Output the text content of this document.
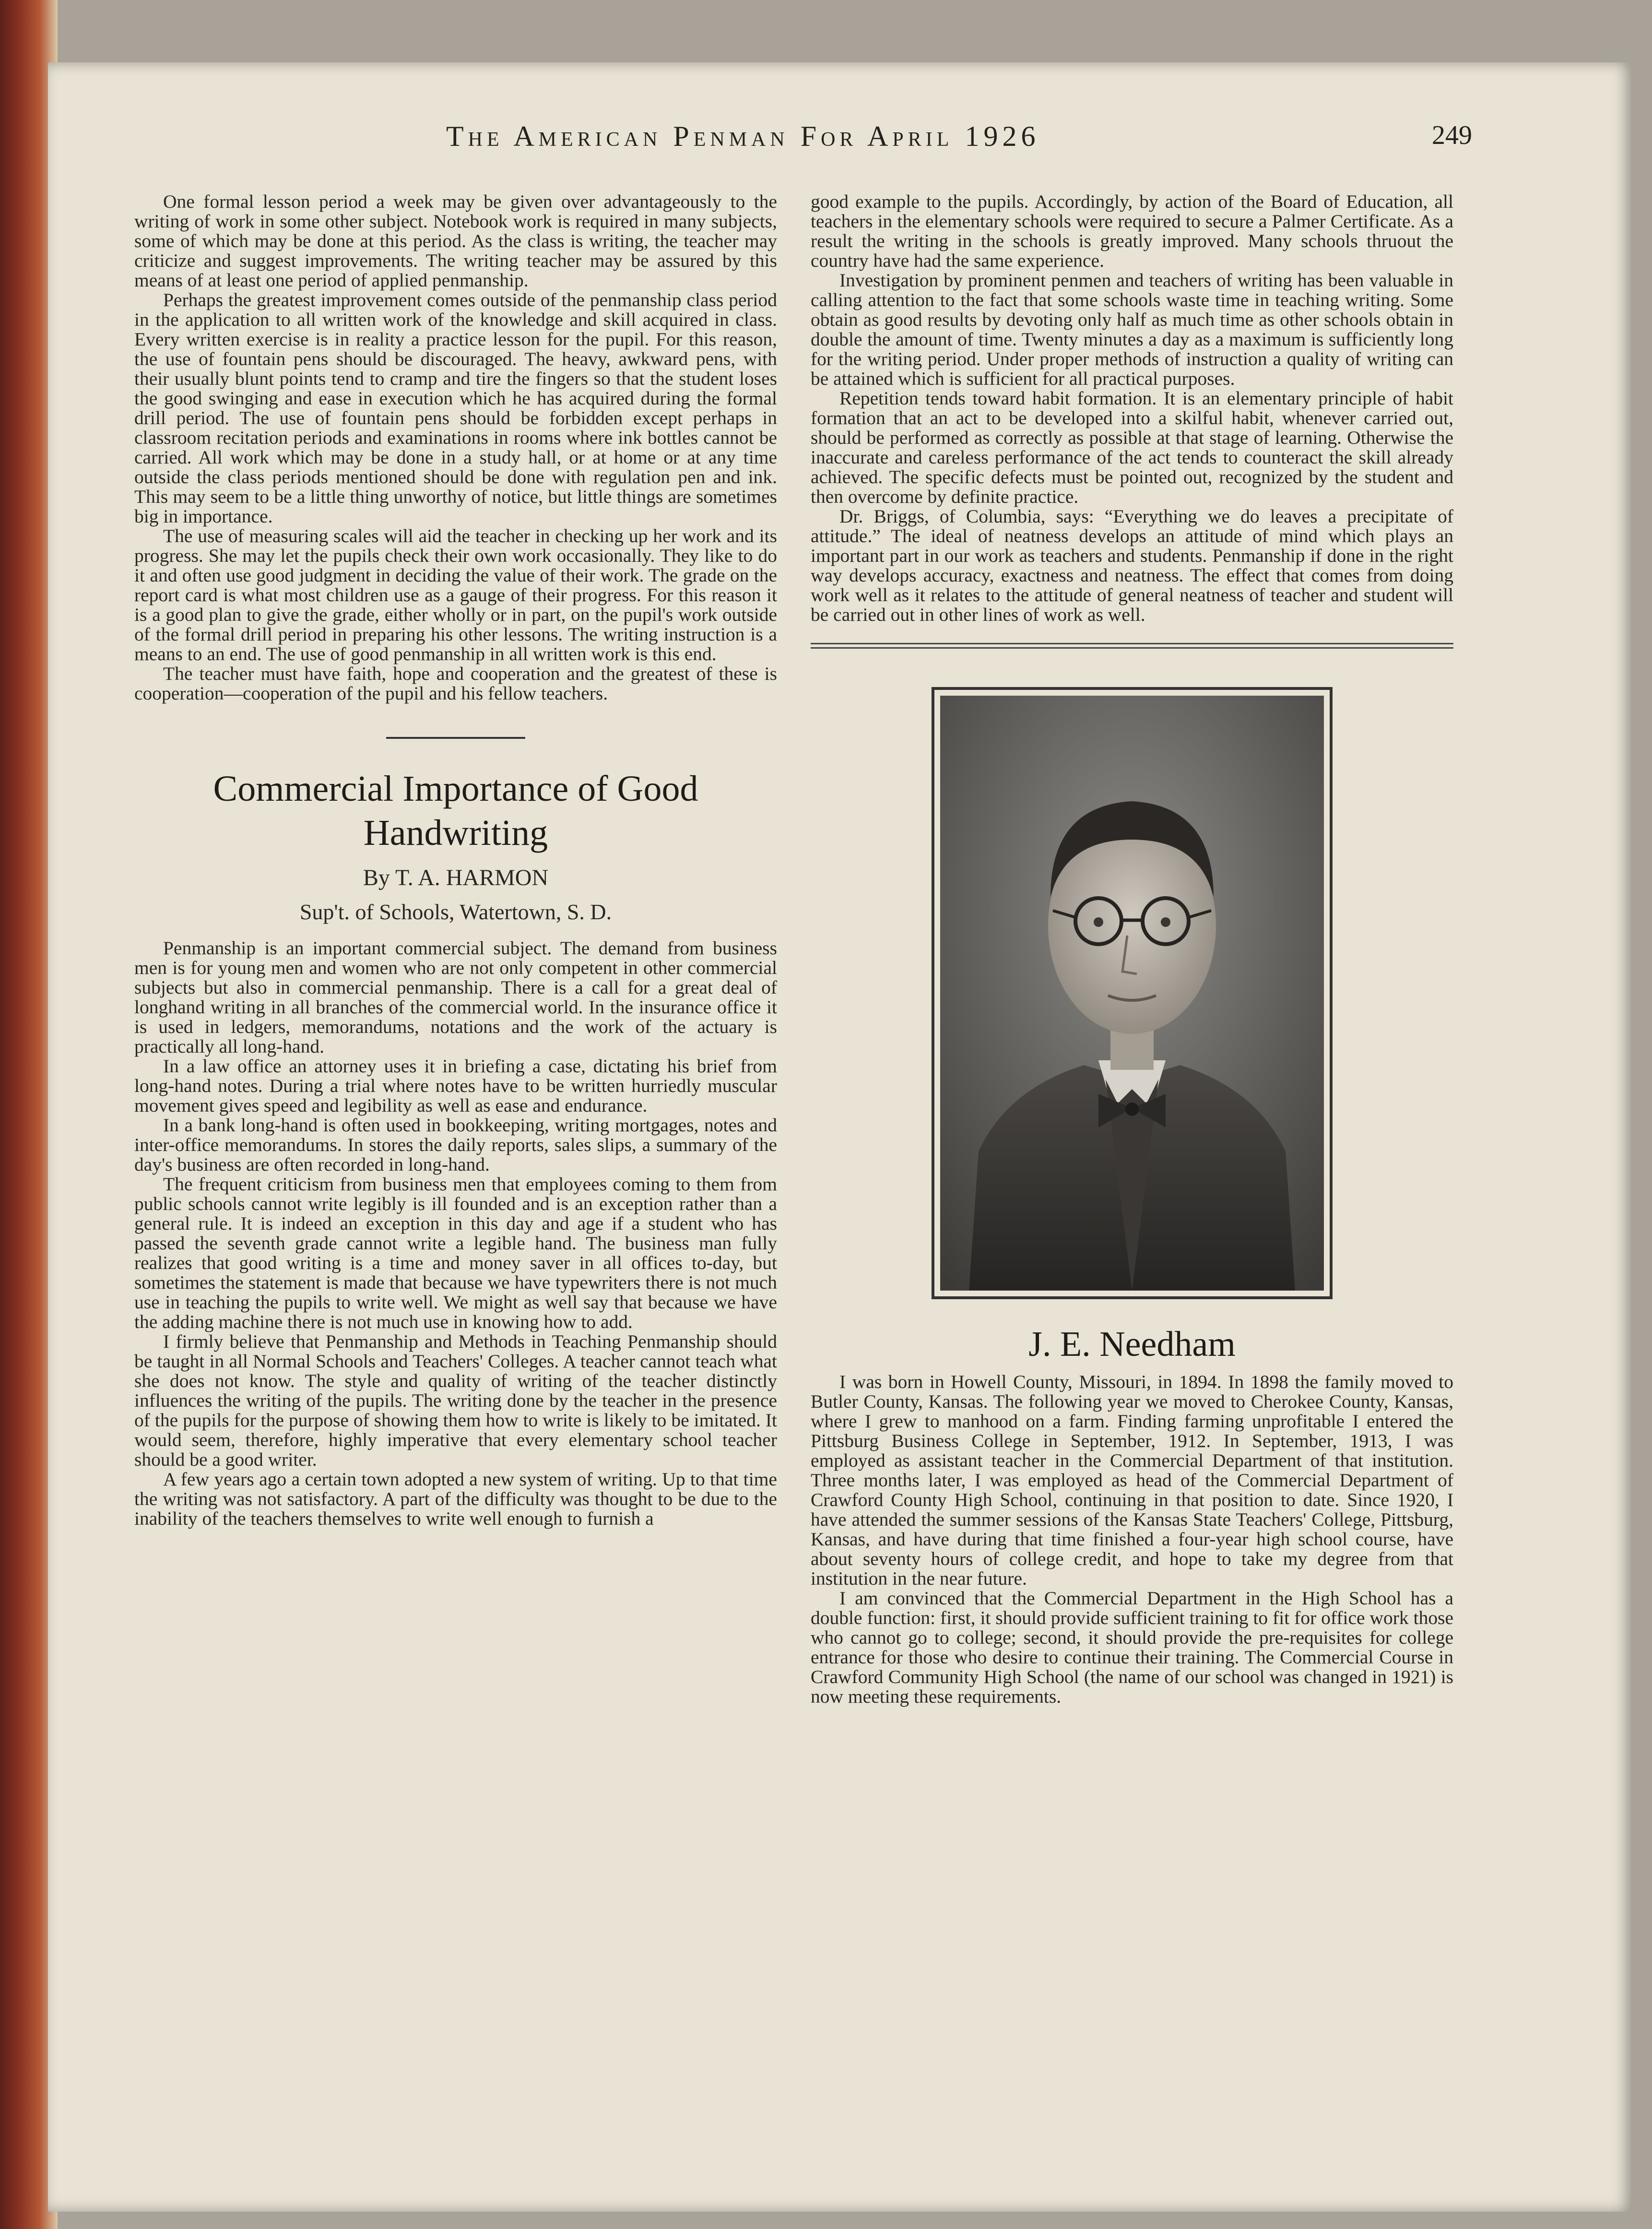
The American Penman For April 1926	249

One formal lesson period a week may be given over advantageously to the writing of work in some other subject. Notebook work is required in many subjects, some of which may be done at this period. As the class is writing, the teacher may criticize and suggest improvements. The writing teacher may be assured by this means of at least one period of applied penmanship.

Perhaps the greatest improvement comes outside of the penmanship class period in the application to all written work of the knowledge and skill acquired in class. Every written exercise is in reality a practice lesson for the pupil. For this reason, the use of fountain pens should be discouraged. The heavy, awkward pens, with their usually blunt points tend to cramp and tire the fingers so that the student loses the good swinging and ease in execution which he has acquired during the formal drill period. The use of fountain pens should be forbidden except perhaps in classroom recitation periods and examinations in rooms where ink bottles cannot be carried. All work which may be done in a study hall, or at home or at any time outside the class periods mentioned should be done with regulation pen and ink. This may seem to be a little thing unworthy of notice, but little things are sometimes big in importance.

The use of measuring scales will aid the teacher in checking up her work and its progress. She may let the pupils check their own work occasionally. They like to do it and often use good judgment in deciding the value of their work. The grade on the report card is what most children use as a gauge of their progress. For this reason it is a good plan to give the grade, either wholly or in part, on the pupil's work outside of the formal drill period in preparing his other lessons. The writing instruction is a means to an end. The use of good penmanship in all written work is this end.

The teacher must have faith, hope and cooperation and the greatest of these is cooperation—cooperation of the pupil and his fellow teachers.

Commercial Importance of Good Handwriting
By T. A. HARMON
Sup't. of Schools, Watertown, S. D.

Penmanship is an important commercial subject. The demand from business men is for young men and women who are not only competent in other commercial subjects but also in commercial penmanship. There is a call for a great deal of longhand writing in all branches of the commercial world. In the insurance office it is used in ledgers, memorandums, notations and the work of the actuary is practically all long-hand.

In a law office an attorney uses it in briefing a case, dictating his brief from long-hand notes. During a trial where notes have to be written hurriedly muscular movement gives speed and legibility as well as ease and endurance.

In a bank long-hand is often used in bookkeeping, writing mortgages, notes and inter-office memorandums. In stores the daily reports, sales slips, a summary of the day's business are often recorded in long-hand.

The frequent criticism from business men that employees coming to them from public schools cannot write legibly is ill founded and is an exception rather than a general rule. It is indeed an exception in this day and age if a student who has passed the seventh grade cannot write a legible hand. The business man fully realizes that good writing is a time and money saver in all offices to-day, but sometimes the statement is made that because we have typewriters there is not much use in teaching the pupils to write well. We might as well say that because we have the adding machine there is not much use in knowing how to add.

I firmly believe that Penmanship and Methods in Teaching Penmanship should be taught in all Normal Schools and Teachers' Colleges. A teacher cannot teach what she does not know. The style and quality of writing of the teacher distinctly influences the writing of the pupils. The writing done by the teacher in the presence of the pupils for the purpose of showing them how to write is likely to be imitated. It would seem, therefore, highly imperative that every elementary school teacher should be a good writer.

A few years ago a certain town adopted a new system of writing. Up to that time the writing was not satisfactory. A part of the difficulty was thought to be due to the inability of the teachers themselves to write well enough to furnish a

good example to the pupils. Accordingly, by action of the Board of Education, all teachers in the elementary schools were required to secure a Palmer Certificate. As a result the writing in the schools is greatly improved. Many schools thruout the country have had the same experience.

Investigation by prominent penmen and teachers of writing has been valuable in calling attention to the fact that some schools waste time in teaching writing. Some obtain as good results by devoting only half as much time as other schools obtain in double the amount of time. Twenty minutes a day as a maximum is sufficiently long for the writing period. Under proper methods of instruction a quality of writing can be attained which is sufficient for all practical purposes.

Repetition tends toward habit formation. It is an elementary principle of habit formation that an act to be developed into a skilful habit, whenever carried out, should be performed as correctly as possible at that stage of learning. Otherwise the inaccurate and careless performance of the act tends to counteract the skill already achieved. The specific defects must be pointed out, recognized by the student and then overcome by definite practice.

Dr. Briggs, of Columbia, says: “Everything we do leaves a precipitate of attitude.” The ideal of neatness develops an attitude of mind which plays an important part in our work as teachers and students. Penmanship if done in the right way develops accuracy, exactness and neatness. The effect that comes from doing work well as it relates to the attitude of general neatness of teacher and student will be carried out in other lines of work as well.

J. E. Needham

I was born in Howell County, Missouri, in 1894. In 1898 the family moved to Butler County, Kansas. The following year we moved to Cherokee County, Kansas, where I grew to manhood on a farm. Finding farming unprofitable I entered the Pittsburg Business College in September, 1912. In September, 1913, I was employed as assistant teacher in the Commercial Department of that institution. Three months later, I was employed as head of the Commercial Department of Crawford County High School, continuing in that position to date. Since 1920, I have attended the summer sessions of the Kansas State Teachers' College, Pittsburg, Kansas, and have during that time finished a four-year high school course, have about seventy hours of college credit, and hope to take my degree from that institution in the near future.

I am convinced that the Commercial Department in the High School has a double function: first, it should provide sufficient training to fit for office work those who cannot go to college; second, it should provide the pre-requisites for college entrance for those who desire to continue their training. The Commercial Course in Crawford Community High School (the name of our school was changed in 1921) is now meeting these requirements.
